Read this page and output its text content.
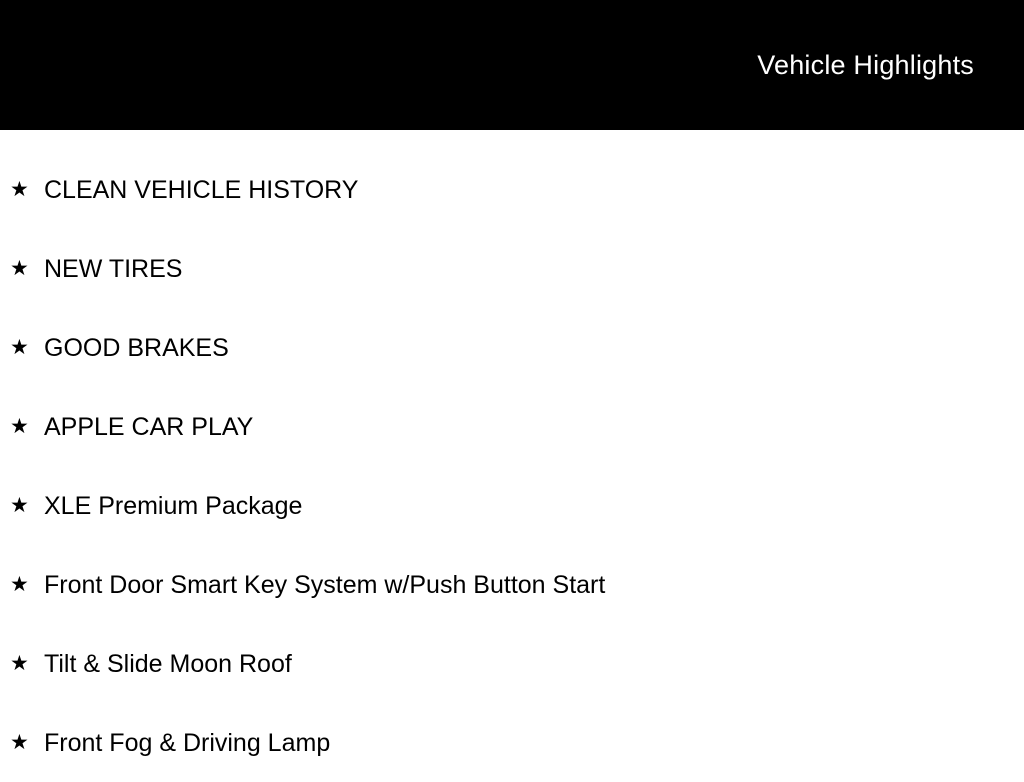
Vehicle Highlights
★ CLEAN VEHICLE HISTORY
★ NEW TIRES
★ GOOD BRAKES
★ APPLE CAR PLAY
★ XLE Premium Package
★ Front Door Smart Key System w/Push Button Start
★ Tilt & Slide Moon Roof
★ Front Fog & Driving Lamp
